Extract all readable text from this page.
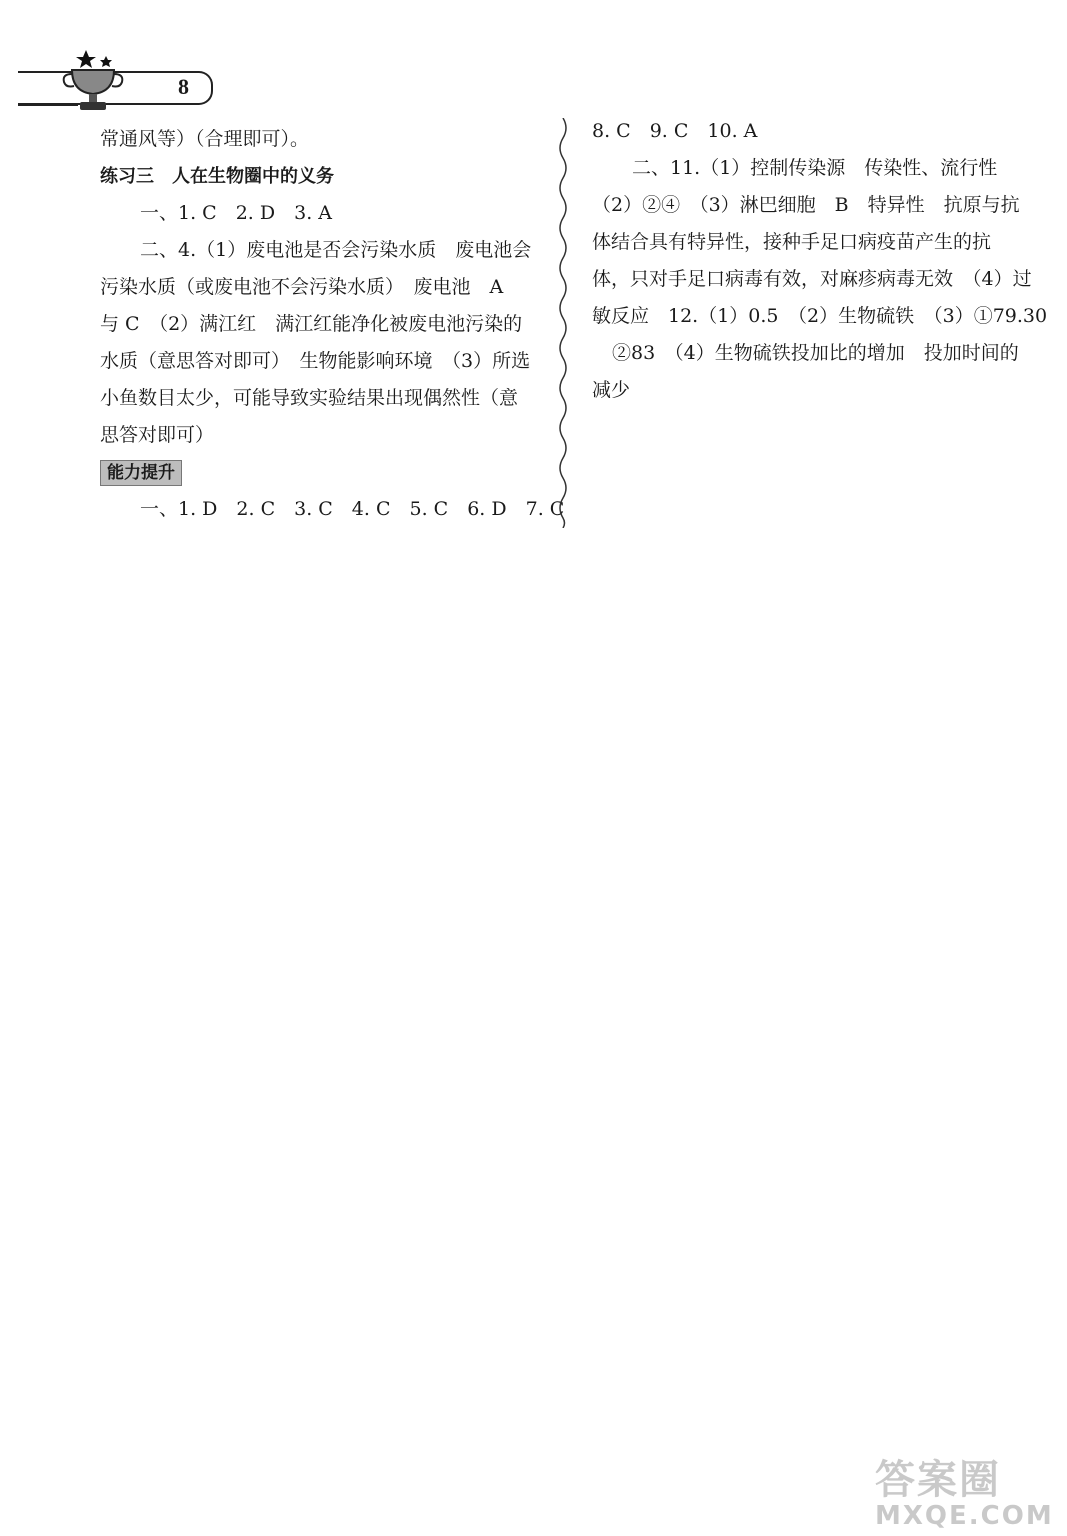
8
常通风等）（合理即可）。
练习三　人在生物圈中的义务
一、1. C　2. D　3. A
二、4.（1）废电池是否会污染水质　废电池会
污染水质（或废电池不会污染水质）　废电池　A
与 C　（2）满江红　满江红能净化被废电池污染的
水质（意思答对即可）　生物能影响环境　（3）所选
小鱼数目太少，可能导致实验结果出现偶然性（意
思答对即可）
能力提升
一、1. D　2. C　3. C　4. C　5. C　6. D　7. C
8. C　9. C　10. A
二、11.（1）控制传染源　传染性、流行性
（2）②④　（3）淋巴细胞　B　特异性　抗原与抗
体结合具有特异性，接种手足口病疫苗产生的抗
体，只对手足口病毒有效，对麻疹病毒无效　（4）过
敏反应　12.（1）0.5　（2）生物硫铁　（3）①79.30
②83　（4）生物硫铁投加比的增加　投加时间的
减少
答案圈
MXQE.COM
